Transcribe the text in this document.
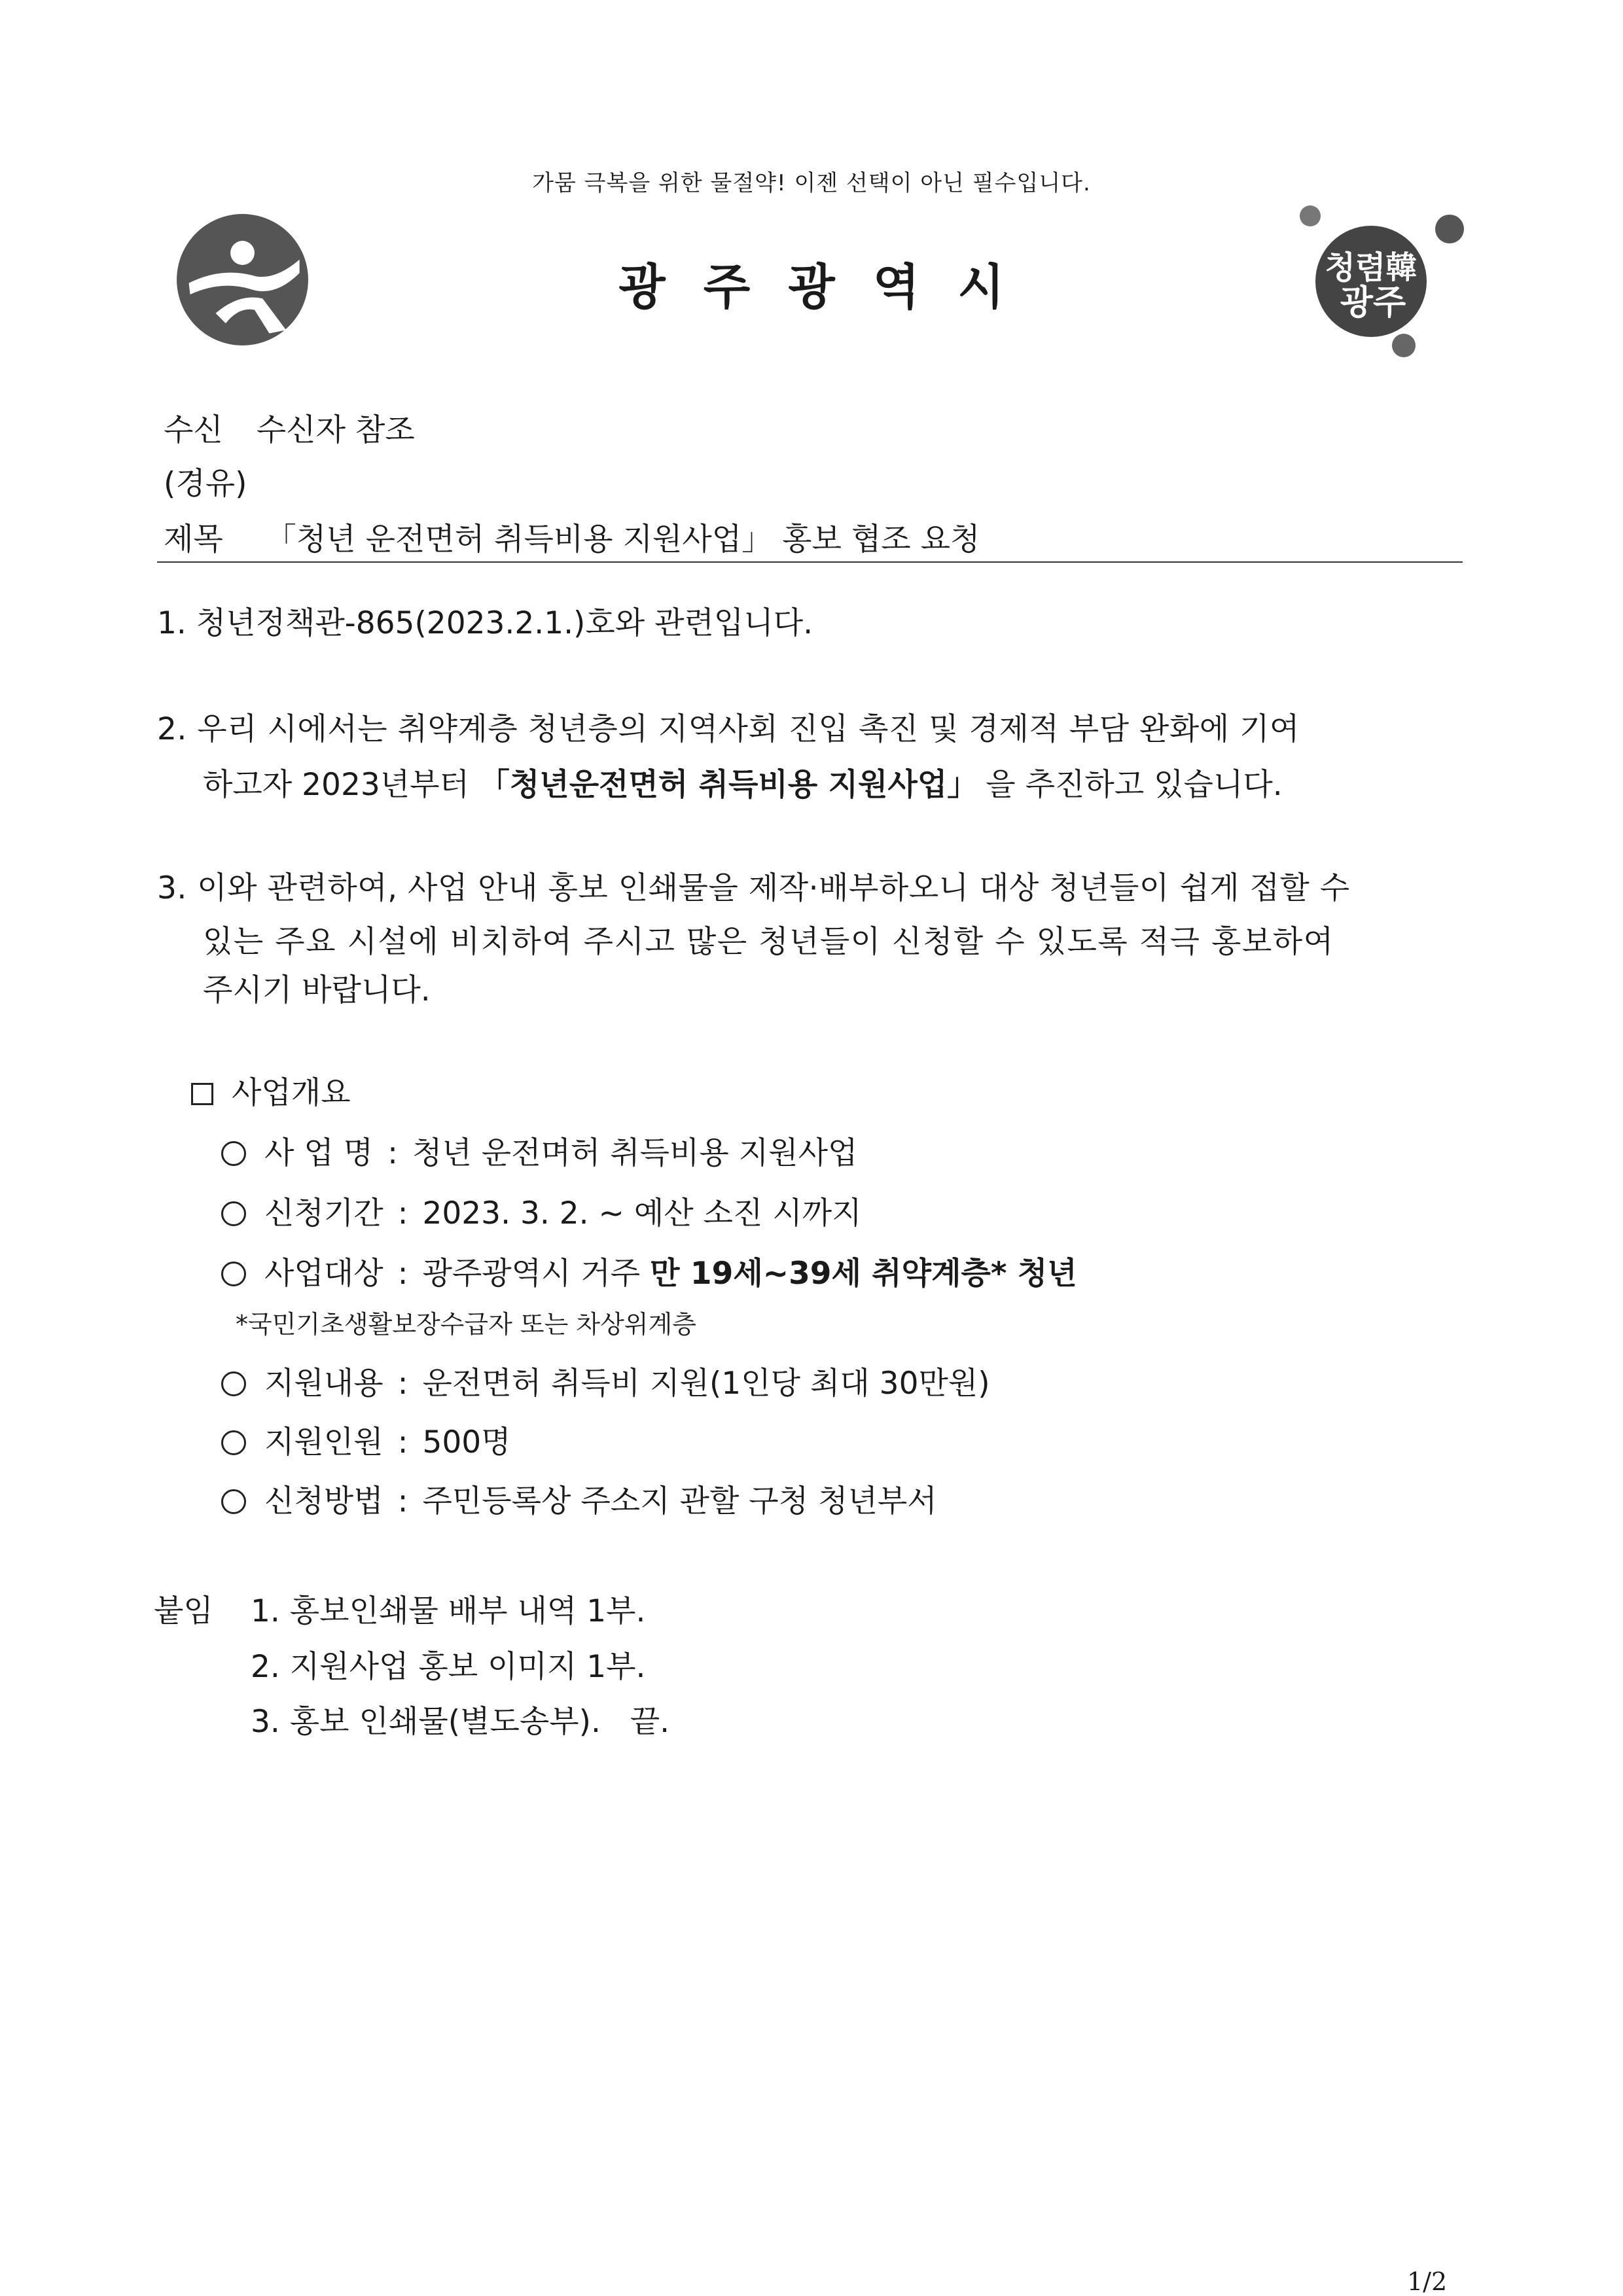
가뭄 극복을 위한 물절약! 이젠 선택이 아닌 필수입니다.
광주광역시	청렴韓
광주
수신 수신자 참조
(경유)
제목 「청년 운전면허 취득비용 지원사업」 홍보 협조 요청
1. 청년정책관-865(2023.2.1.)호와 관련입니다.
2. 우리 시에서는 취약계층 청년층의 지역사회 진입 촉진 및 경제적 부담 완화에 기여
하고자 2023년부터 「청년운전면허 취득비용 지원사업」 을 추진하고 있습니다.
3. 이와 관련하여, 사업 안내 홍보 인쇄물을 제작·배부하오니 대상 청년들이 쉽게 접할 수
있는 주요 시설에 비치하여 주시고 많은 청년들이 신청할 수 있도록 적극 홍보하여
주시기 바랍니다.
사업개요
사 업 명 : 청년 운전며허 취득비용 지원사업
신청기간 : 2023. 3. 2. ~ 예산 소진 시까지
사업대상 : 광주광역시 거주 만 19세~39세 취약계층* 청년
*국민기초생활보장수급자 또는 차상위계층
지원내용 : 운전면허 취득비 지원(1인당 최대 30만원)
지원인원 : 500명
신청방법 : 주민등록상 주소지 관할 구청 청년부서
붙임 1. 홍보인쇄물 배부 내역 1부.
2. 지원사업 홍보 이미지 1부.
3. 홍보 인쇄물(별도송부).   끝.
1/2
